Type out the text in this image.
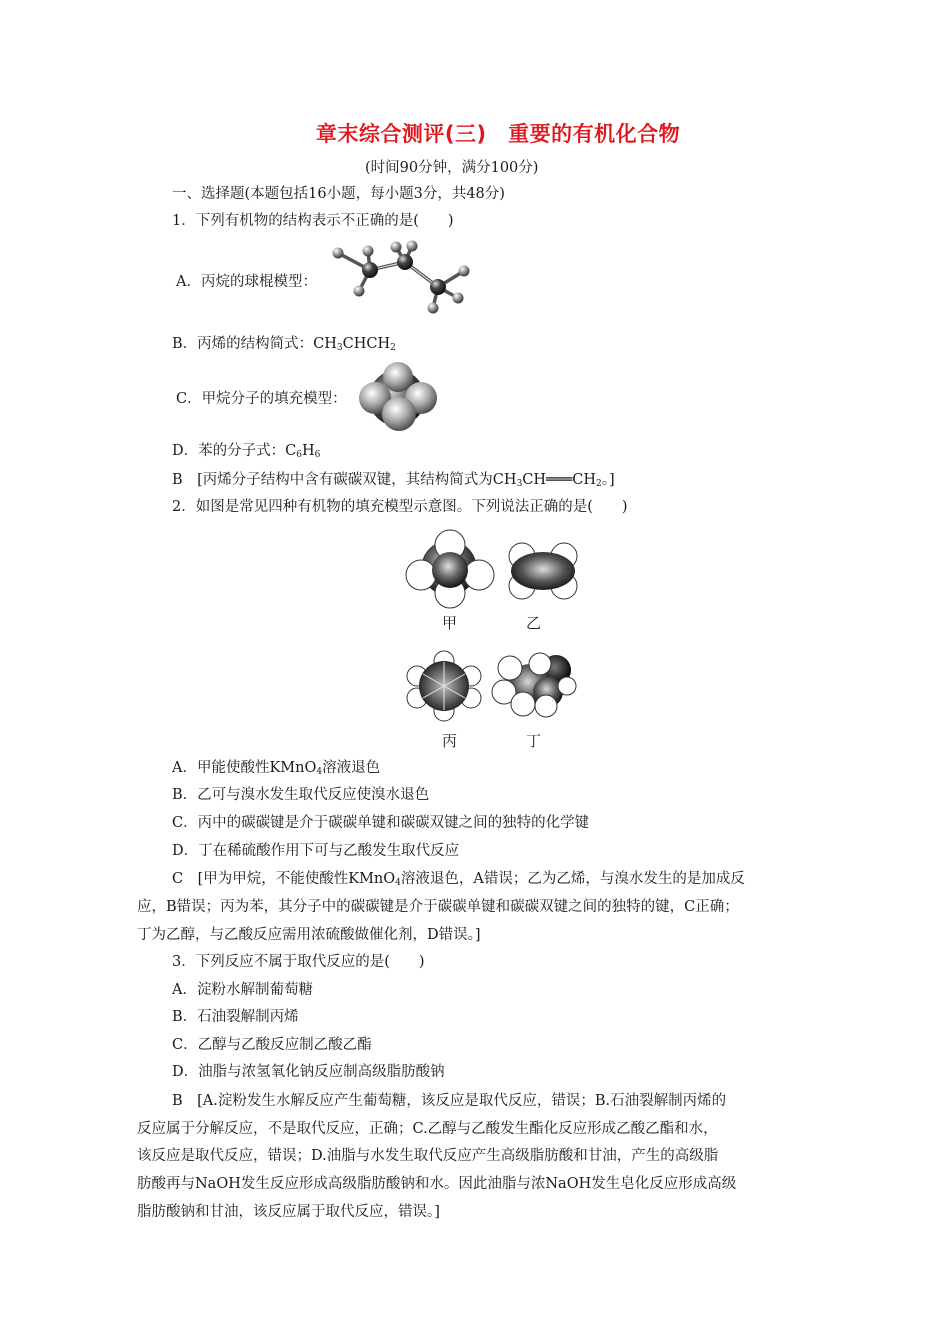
章末综合测评(三)　重要的有机化合物
(时间90分钟，满分100分)
一、选择题(本题包括16小题，每小题3分，共48分)
1．下列有机物的结构表示不正确的是(　　)
A．丙烷的球棍模型：
B．丙烯的结构简式：$CH_3CHCH_2$
C．甲烷分子的填充模型：
D．苯的分子式：$C_6H_6$
B　[丙烯分子结构中含有碳碳双键，其结构简式为$CH_3CH═══CH_2$。]
2．如图是常见四种有机物的填充模型示意图。下列说法正确的是(　　)
甲	乙
丙	丁
A．甲能使酸性KMnO$_4$溶液退色
B．乙可与溴水发生取代反应使溴水退色
C．丙中的碳碳键是介于碳碳单键和碳碳双键之间的独特的化学键
D．丁在稀硫酸作用下可与乙酸发生取代反应
C　[甲为甲烷，不能使酸性KMnO$_4$溶液退色，A错误；乙为乙烯，与溴水发生的是加成反
应，B错误；丙为苯，其分子中的碳碳键是介于碳碳单键和碳碳双键之间的独特的键，C正确；
丁为乙醇，与乙酸反应需用浓硫酸做催化剂，D错误。]
3．下列反应不属于取代反应的是(　　)
A．淀粉水解制葡萄糖
B．石油裂解制丙烯
C．乙醇与乙酸反应制乙酸乙酯
D．油脂与浓氢氧化钠反应制高级脂肪酸钠
B　[A.淀粉发生水解反应产生葡萄糖，该反应是取代反应，错误；B.石油裂解制丙烯的
反应属于分解反应，不是取代反应，正确；C.乙醇与乙酸发生酯化反应形成乙酸乙酯和水，
该反应是取代反应，错误；D.油脂与水发生取代反应产生高级脂肪酸和甘油，产生的高级脂
肪酸再与NaOH发生反应形成高级脂肪酸钠和水。因此油脂与浓NaOH发生皂化反应形成高级
脂肪酸钠和甘油，该反应属于取代反应，错误。]
